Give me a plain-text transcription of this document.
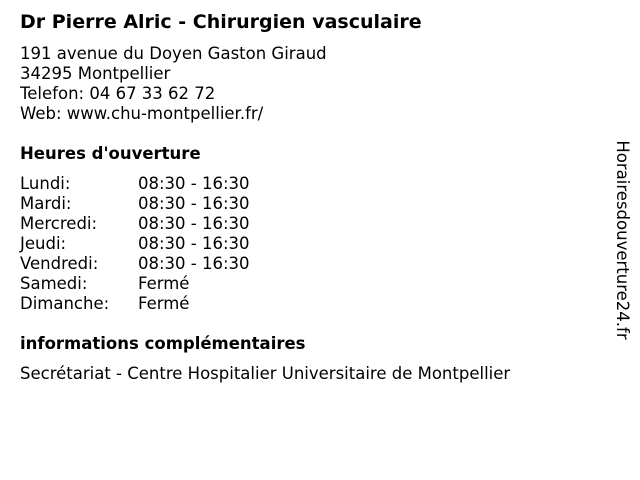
Dr Pierre Alric - Chirurgien vasculaire
191 avenue du Doyen Gaston Giraud
34295 Montpellier
Telefon: 04 67 33 62 72
Web: www.chu-montpellier.fr/
Heures d'ouverture
Lundi:	08:30 - 16:30
Mardi:	08:30 - 16:30
Mercredi: 08:30 - 16:30
Jeudi:	08:30 - 16:30
Vendredi: 08:30 - 16:30
Samedi:	Fermé
Dimanche: Fermé
informations complémentaires
Secrétariat - Centre Hospitalier Universitaire de Montpellier
Horairesdouverture24.fr
